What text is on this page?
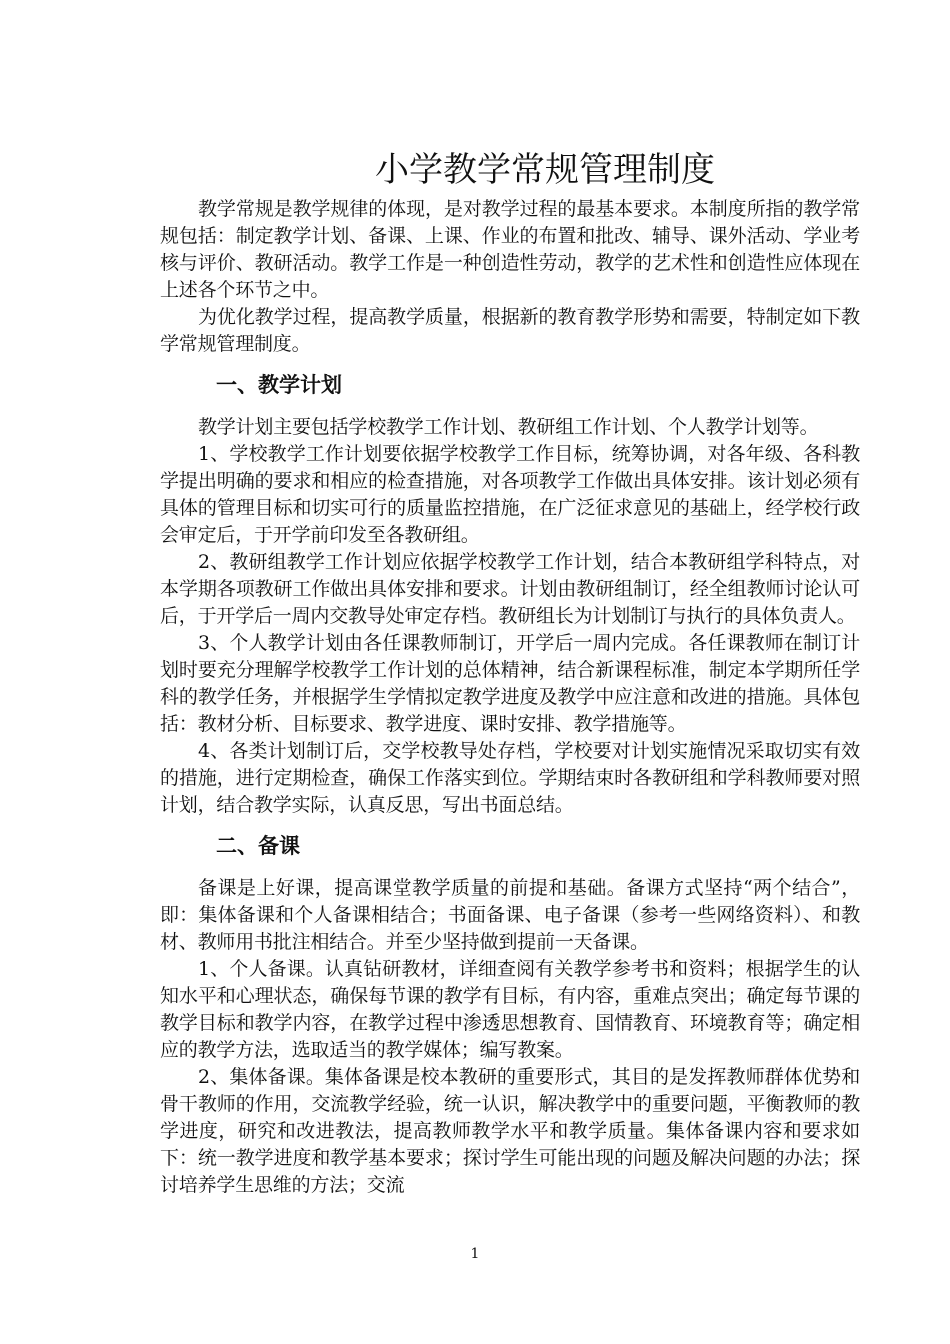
小学教学常规管理制度

教学常规是教学规律的体现，是对教学过程的最基本要求。本制度所指的教学常规包括：制定教学计划、备课、上课、作业的布置和批改、辅导、课外活动、学业考核与评价、教研活动。教学工作是一种创造性劳动，教学的艺术性和创造性应体现在上述各个环节之中。

为优化教学过程，提高教学质量，根据新的教育教学形势和需要，特制定如下教学常规管理制度。

一、教学计划

教学计划主要包括学校教学工作计划、教研组工作计划、个人教学计划等。

1、学校教学工作计划要依据学校教学工作目标，统筹协调，对各年级、各科教学提出明确的要求和相应的检查措施，对各项教学工作做出具体安排。该计划必须有具体的管理目标和切实可行的质量监控措施，在广泛征求意见的基础上，经学校行政会审定后，于开学前印发至各教研组。

2、教研组教学工作计划应依据学校教学工作计划，结合本教研组学科特点，对本学期各项教研工作做出具体安排和要求。计划由教研组制订，经全组教师讨论认可后，于开学后一周内交教导处审定存档。教研组长为计划制订与执行的具体负责人。

3、个人教学计划由各任课教师制订，开学后一周内完成。各任课教师在制订计划时要充分理解学校教学工作计划的总体精神，结合新课程标准，制定本学期所任学科的教学任务，并根据学生学情拟定教学进度及教学中应注意和改进的措施。具体包括：教材分析、目标要求、教学进度、课时安排、教学措施等。

4、各类计划制订后，交学校教导处存档，学校要对计划实施情况采取切实有效的措施，进行定期检查，确保工作落实到位。学期结束时各教研组和学科教师要对照计划，结合教学实际，认真反思，写出书面总结。

二、备课

备课是上好课，提高课堂教学质量的前提和基础。备课方式坚持“两个结合”，即：集体备课和个人备课相结合；书面备课、电子备课（参考一些网络资料）、和教材、教师用书批注相结合。并至少坚持做到提前一天备课。

1、个人备课。认真钻研教材，详细查阅有关教学参考书和资料；根据学生的认知水平和心理状态，确保每节课的教学有目标，有内容，重难点突出；确定每节课的教学目标和教学内容，在教学过程中渗透思想教育、国情教育、环境教育等；确定相应的教学方法，选取适当的教学媒体；编写教案。

2、集体备课。集体备课是校本教研的重要形式，其目的是发挥教师群体优势和骨干教师的作用，交流教学经验，统一认识，解决教学中的重要问题，平衡教师的教学进度，研究和改进教法，提高教师教学水平和教学质量。集体备课内容和要求如下：统一教学进度和教学基本要求；探讨学生可能出现的问题及解决问题的办法；探讨培养学生思维的方法；交流

1
